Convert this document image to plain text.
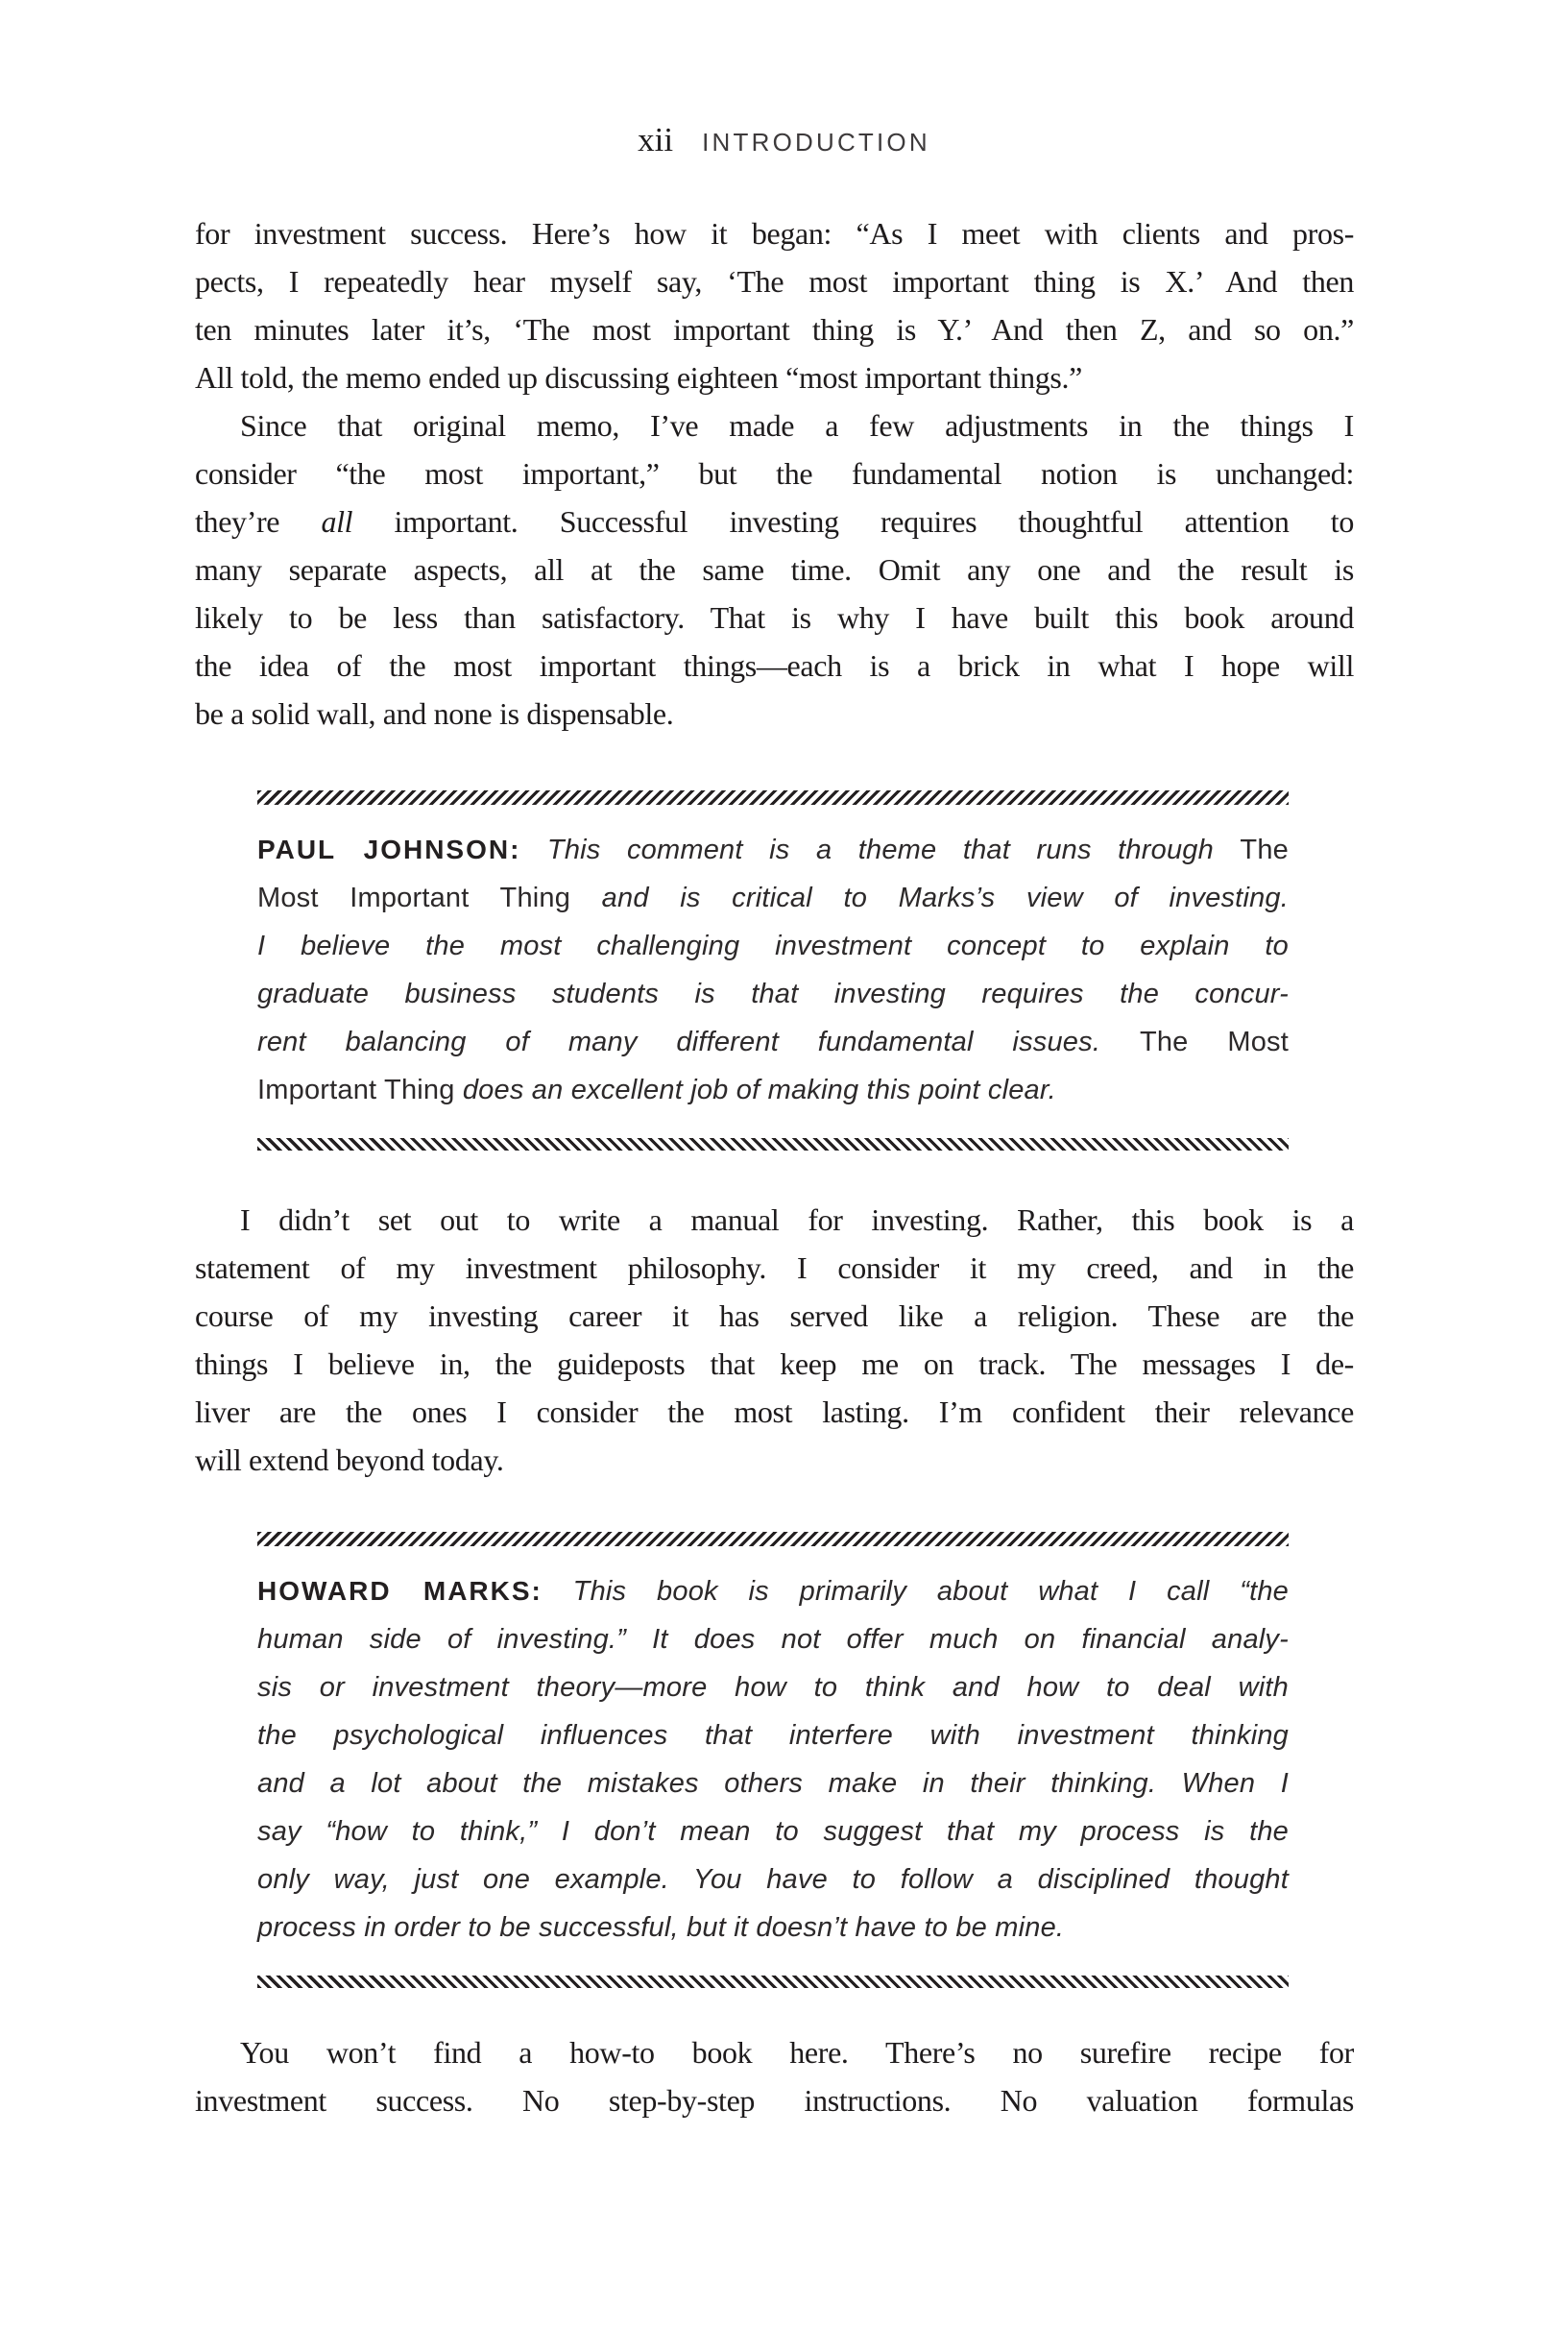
xii INTRODUCTION
for investment success. Here’s how it began: “As I meet with clients and pros-
pects, I repeatedly hear myself say, ‘The most important thing is X.’ And then
ten minutes later it’s, ‘The most important thing is Y.’ And then Z, and so on.”
All told, the memo ended up discussing eighteen “most important things.”
Since that original memo, I’ve made a few adjustments in the things I
consider “the most important,” but the fundamental notion is unchanged:
they’re all important. Successful investing requires thoughtful attention to
many separate aspects, all at the same time. Omit any one and the result is
likely to be less than satisfactory. That is why I have built this book around
the idea of the most important things—each is a brick in what I hope will
be a solid wall, and none is dispensable.
PAUL JOHNSON: This comment is a theme that runs through The
Most Important Thing and is critical to Marks’s view of investing.
I believe the most challenging investment concept to explain to
graduate business students is that investing requires the concur-
rent balancing of many different fundamental issues. The Most
Important Thing does an excellent job of making this point clear.
I didn’t set out to write a manual for investing. Rather, this book is a
statement of my investment philosophy. I consider it my creed, and in the
course of my investing career it has served like a religion. These are the
things I believe in, the guideposts that keep me on track. The messages I de-
liver are the ones I consider the most lasting. I’m confident their relevance
will extend beyond today.
HOWARD MARKS: This book is primarily about what I call “the
human side of investing.” It does not offer much on financial analy-
sis or investment theory—more how to think and how to deal with
the psychological influences that interfere with investment thinking
and a lot about the mistakes others make in their thinking. When I
say “how to think,” I don’t mean to suggest that my process is the
only way, just one example. You have to follow a disciplined thought
process in order to be successful, but it doesn’t have to be mine.
You won’t find a how-to book here. There’s no surefire recipe for
investment success. No step-by-step instructions. No valuation formulas
